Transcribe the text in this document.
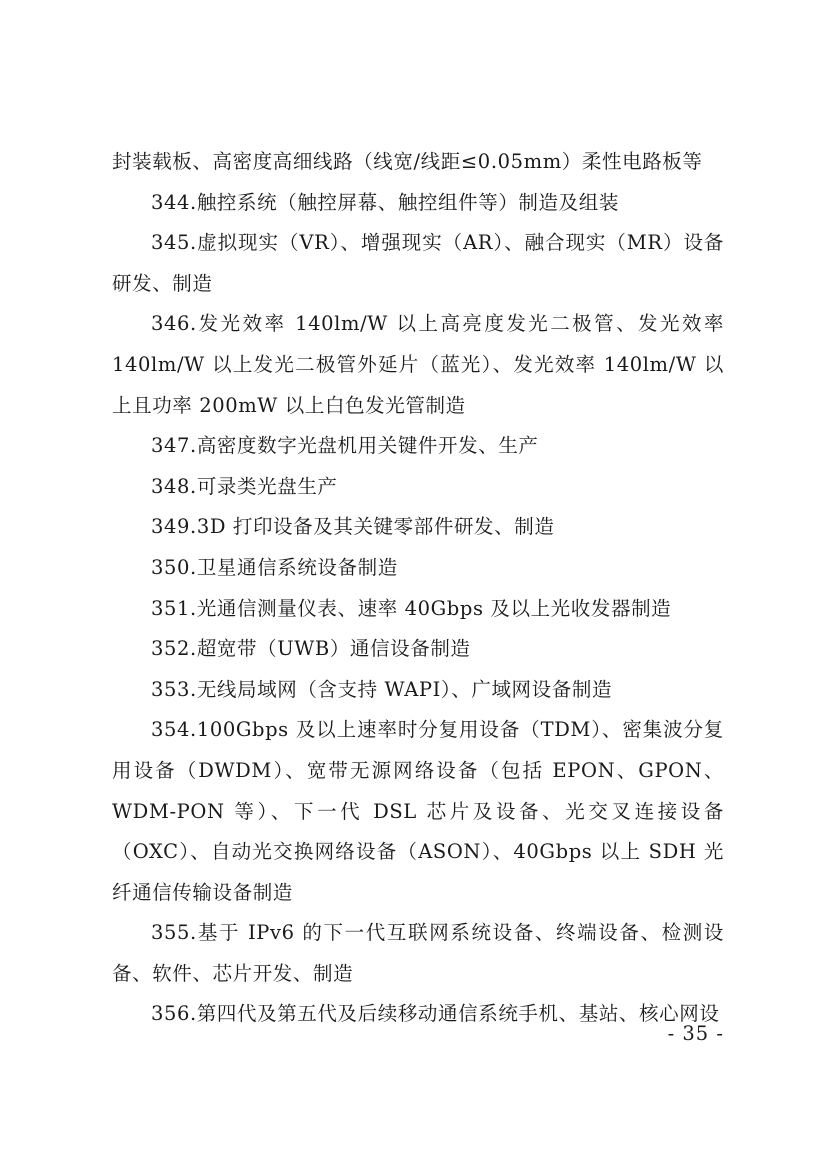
封装载板、高密度高细线路（线宽/线距≤0.05mm）柔性电路板等

344.触控系统（触控屏幕、触控组件等）制造及组装

345.虚拟现实（VR）、增强现实（AR）、融合现实（MR）设备研发、制造

346.发光效率 140lm/W 以上高亮度发光二极管、发光效率 140lm/W 以上发光二极管外延片（蓝光）、发光效率 140lm/W 以上且功率 200mW 以上白色发光管制造

347.高密度数字光盘机用关键件开发、生产

348.可录类光盘生产

349.3D 打印设备及其关键零部件研发、制造

350.卫星通信系统设备制造

351.光通信测量仪表、速率 40Gbps 及以上光收发器制造

352.超宽带（UWB）通信设备制造

353.无线局域网（含支持 WAPI）、广域网设备制造

354.100Gbps 及以上速率时分复用设备（TDM）、密集波分复用设备（DWDM）、宽带无源网络设备（包括 EPON、GPON、WDM-PON 等）、下一代 DSL 芯片及设备、光交叉连接设备（OXC）、自动光交换网络设备（ASON）、40Gbps 以上 SDH 光纤通信传输设备制造

355.基于 IPv6 的下一代互联网系统设备、终端设备、检测设备、软件、芯片开发、制造

356.第四代及第五代及后续移动通信系统手机、基站、核心网设

- 35 -
